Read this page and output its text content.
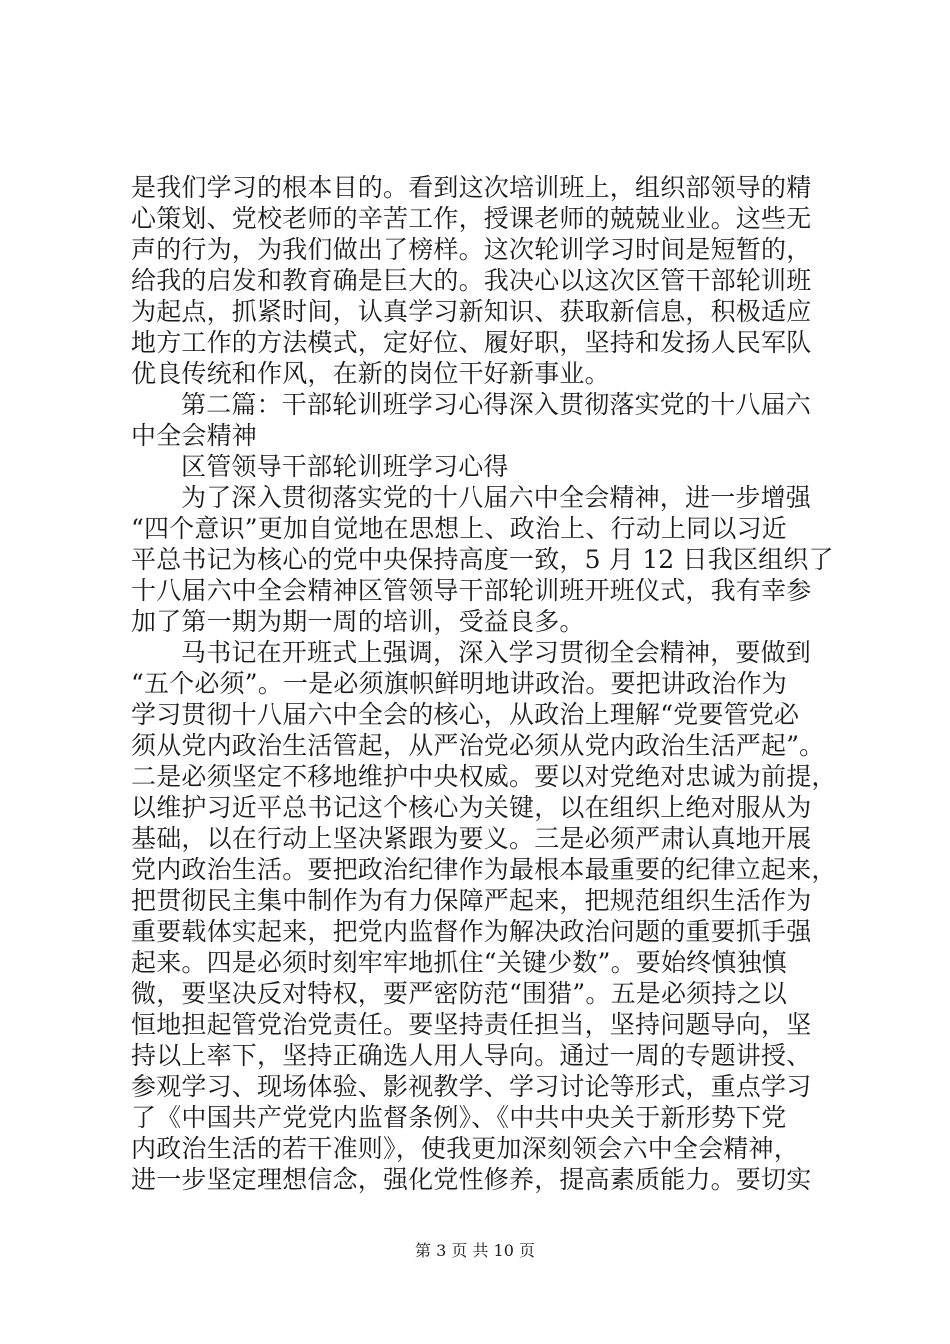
是我们学习的根本目的。看到这次培训班上，组织部领导的精
心策划、党校老师的辛苦工作，授课老师的兢兢业业。这些无
声的行为，为我们做出了榜样。这次轮训学习时间是短暂的，
给我的启发和教育确是巨大的。我决心以这次区管干部轮训班
为起点，抓紧时间，认真学习新知识、获取新信息，积极适应
地方工作的方法模式，定好位、履好职，坚持和发扬人民军队
优良传统和作风，在新的岗位干好新事业。
第二篇：干部轮训班学习心得深入贯彻落实党的十八届六
中全会精神
区管领导干部轮训班学习心得
为了深入贯彻落实党的十八届六中全会精神，进一步增强
“四个意识”更加自觉地在思想上、政治上、行动上同以习近
平总书记为核心的党中央保持高度一致，5 月 12 日我区组织了
十八届六中全会精神区管领导干部轮训班开班仪式，我有幸参
加了第一期为期一周的培训，受益良多。
马书记在开班式上强调，深入学习贯彻全会精神，要做到
“五个必须”。一是必须旗帜鲜明地讲政治。要把讲政治作为
学习贯彻十八届六中全会的核心，从政治上理解“党要管党必
须从党内政治生活管起，从严治党必须从党内政治生活严起”。
二是必须坚定不移地维护中央权威。要以对党绝对忠诚为前提，
以维护习近平总书记这个核心为关键，以在组织上绝对服从为
基础，以在行动上坚决紧跟为要义。三是必须严肃认真地开展
党内政治生活。要把政治纪律作为最根本最重要的纪律立起来，
把贯彻民主集中制作为有力保障严起来，把规范组织生活作为
重要载体实起来，把党内监督作为解决政治问题的重要抓手强
起来。四是必须时刻牢牢地抓住“关键少数”。要始终慎独慎
微，要坚决反对特权，要严密防范“围猎”。五是必须持之以
恒地担起管党治党责任。要坚持责任担当，坚持问题导向，坚
持以上率下，坚持正确选人用人导向。通过一周的专题讲授、
参观学习、现场体验、影视教学、学习讨论等形式，重点学习
了《中国共产党党内监督条例》、《中共中央关于新形势下党
内政治生活的若干准则》，使我更加深刻领会六中全会精神，
进一步坚定理想信念，强化党性修养，提高素质能力。要切实
第 3 页 共 10 页
